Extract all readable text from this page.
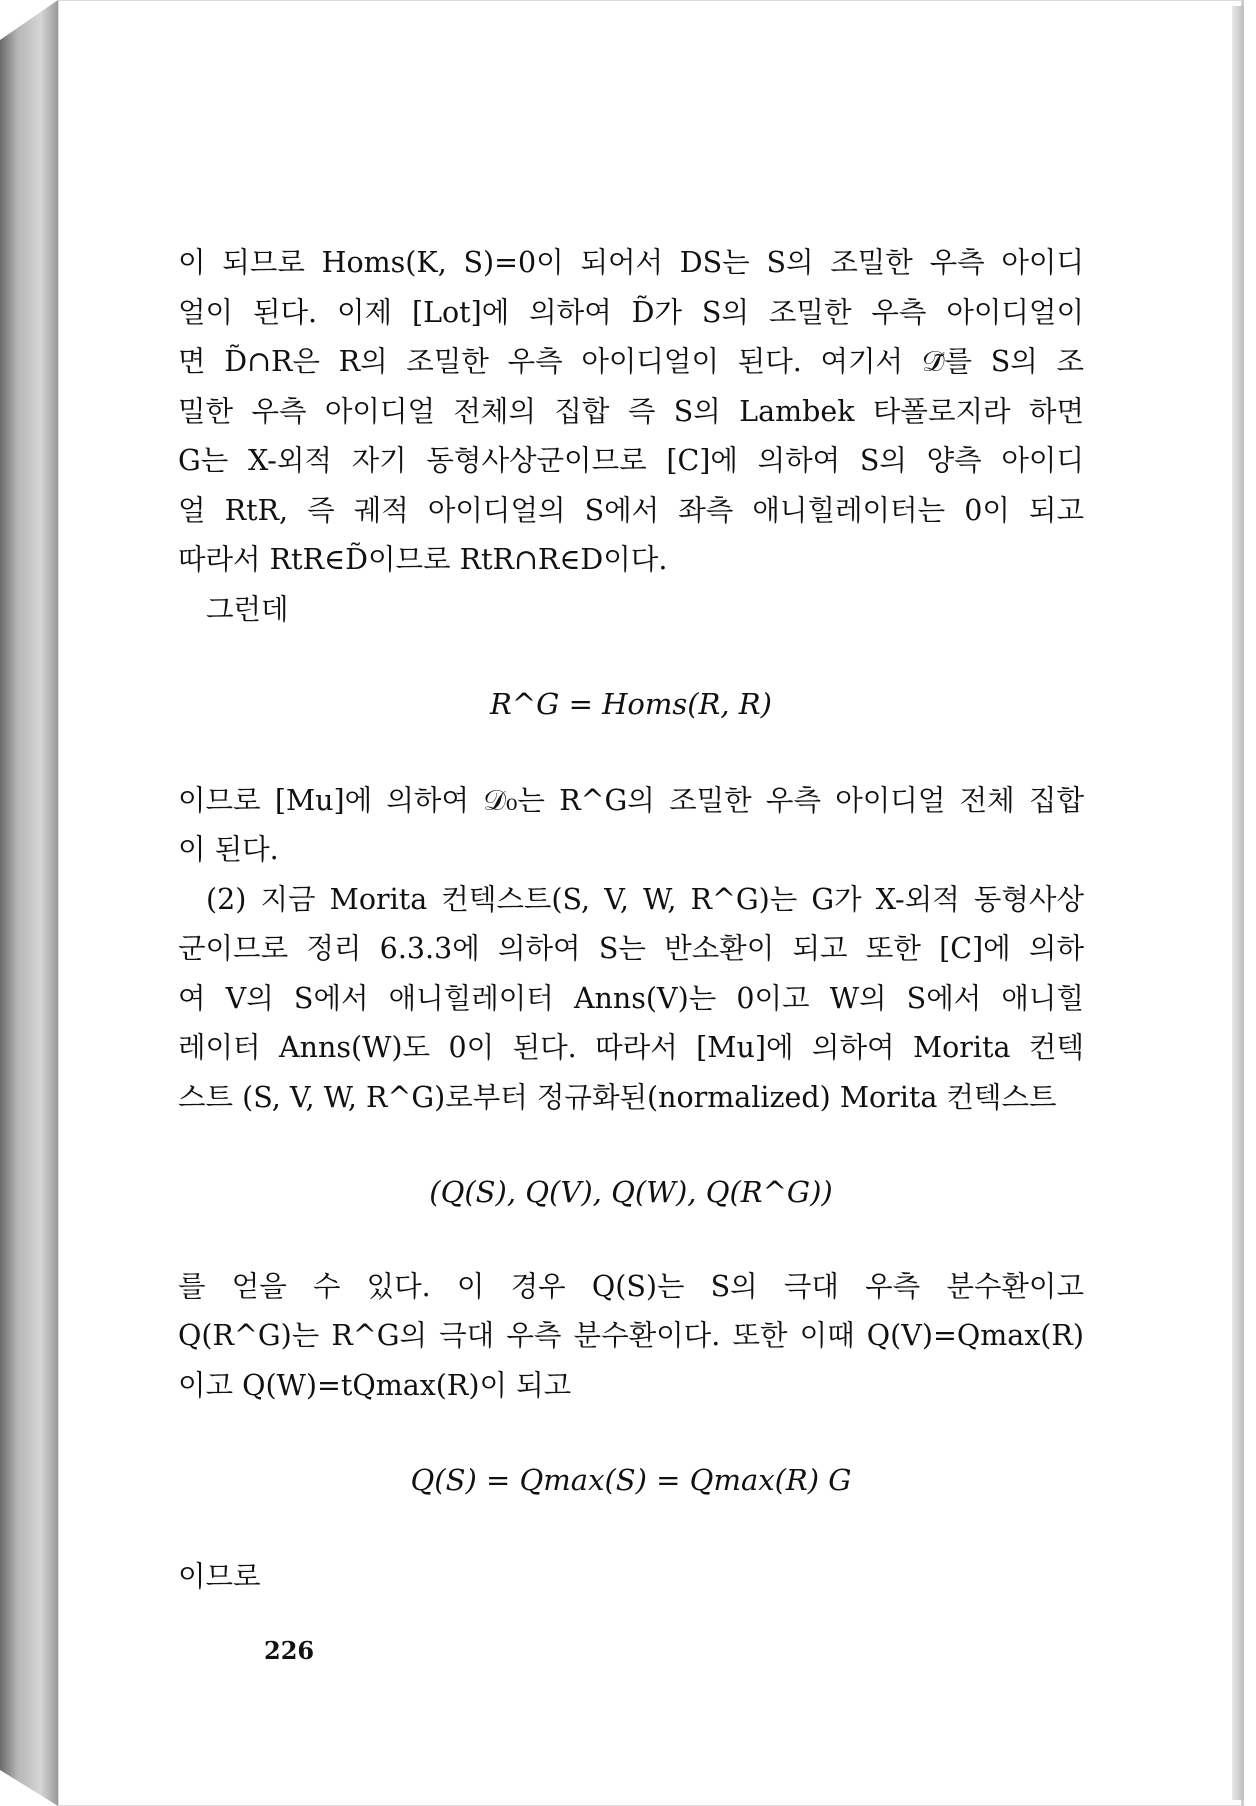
이 되므로 Homs(K, S)=0이 되어서 DS는 S의 조밀한 우측 아이디

얼이 된다. 이제 [Lot]에 의하여 D̃가 S의 조밀한 우측 아이디얼이

면 D̃∩R은 R의 조밀한 우측 아이디얼이 된다. 여기서 𝒟̃를 S의 조

밀한 우측 아이디얼 전체의 집합 즉 S의 Lambek 타폴로지라 하면

G는 X-외적 자기 동형사상군이므로 [C]에 의하여 S의 양측 아이디

얼 RtR, 즉 궤적 아이디얼의 S에서 좌측 애니힐레이터는 0이 되고

따라서 RtR∈D̃이므로 RtR∩R∈D이다.

그런데

R^G = Homs(R, R)

이므로 [Mu]에 의하여 𝒟₀는 R^G의 조밀한 우측 아이디얼 전체 집합

이 된다.

(2) 지금 Morita 컨텍스트(S, V, W, R^G)는 G가 X-외적 동형사상

군이므로 정리 6.3.3에 의하여 S는 반소환이 되고 또한 [C]에 의하

여 V의 S에서 애니힐레이터 Anns(V)는 0이고 W의 S에서 애니힐

레이터 Anns(W)도 0이 된다. 따라서 [Mu]에 의하여 Morita 컨텍

스트 (S, V, W, R^G)로부터 정규화된(normalized) Morita 컨텍스트

(Q(S), Q(V), Q(W), Q(R^G))

를 얻을 수 있다. 이 경우 Q(S)는 S의 극대 우측 분수환이고

Q(R^G)는 R^G의 극대 우측 분수환이다. 또한 이때 Q(V)=Qmax(R)

이고 Q(W)=tQmax(R)이 되고

Q(S) = Qmax(S) = Qmax(R) G

이므로

226
